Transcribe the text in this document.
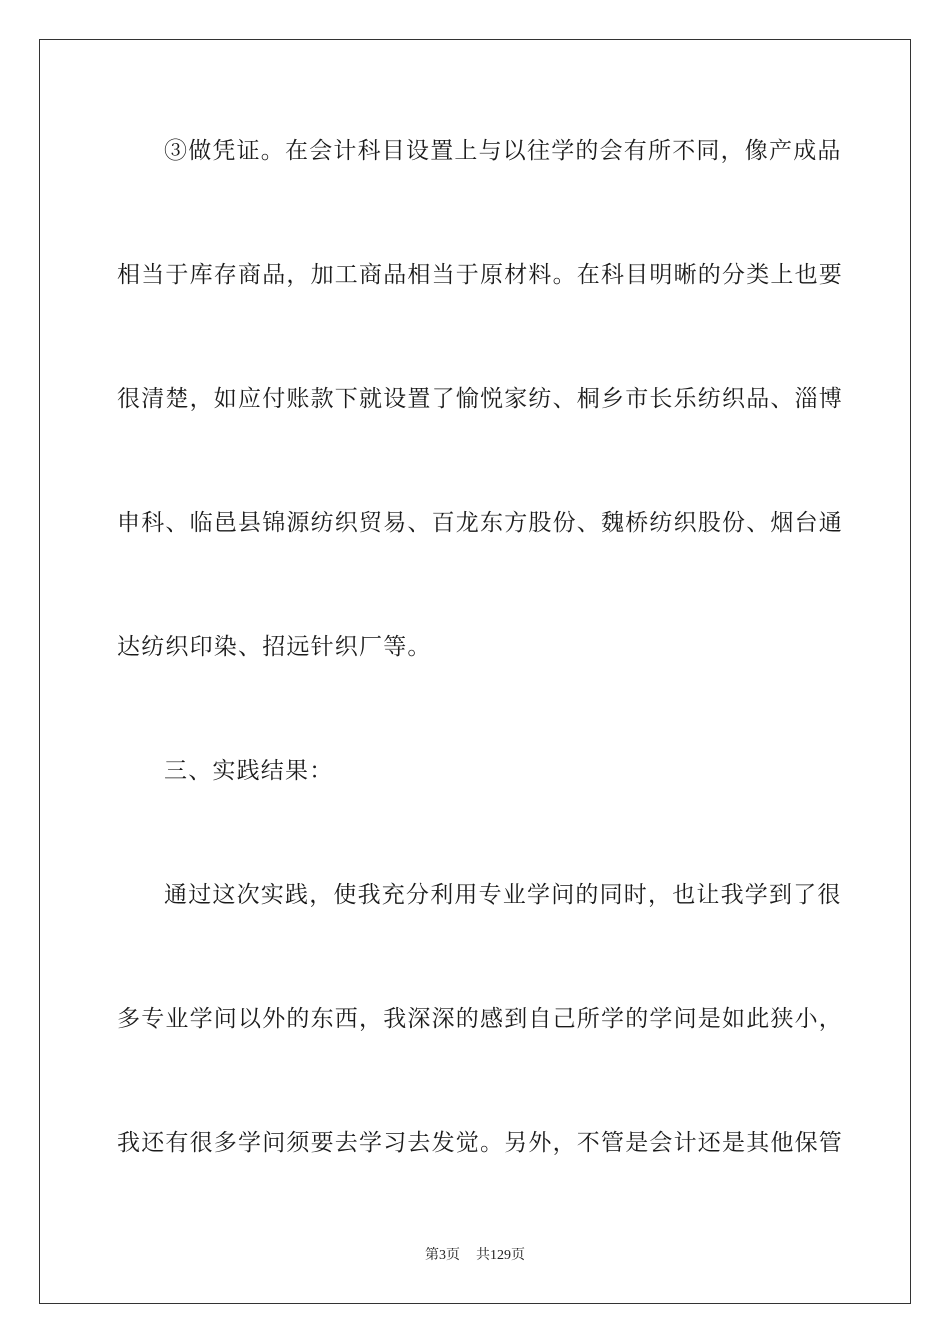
③做凭证。在会计科目设置上与以往学的会有所不同，像产成品
相当于库存商品，加工商品相当于原材料。在科目明晰的分类上也要
很清楚，如应付账款下就设置了愉悦家纺、桐乡市长乐纺织品、淄博
申科、临邑县锦源纺织贸易、百龙东方股份、魏桥纺织股份、烟台通
达纺织印染、招远针织厂等。
三、实践结果：
通过这次实践，使我充分利用专业学问的同时，也让我学到了很
多专业学问以外的东西，我深深的感到自己所学的学问是如此狭小，
我还有很多学问须要去学习去发觉。另外，不管是会计还是其他保管
第3页 共129页
